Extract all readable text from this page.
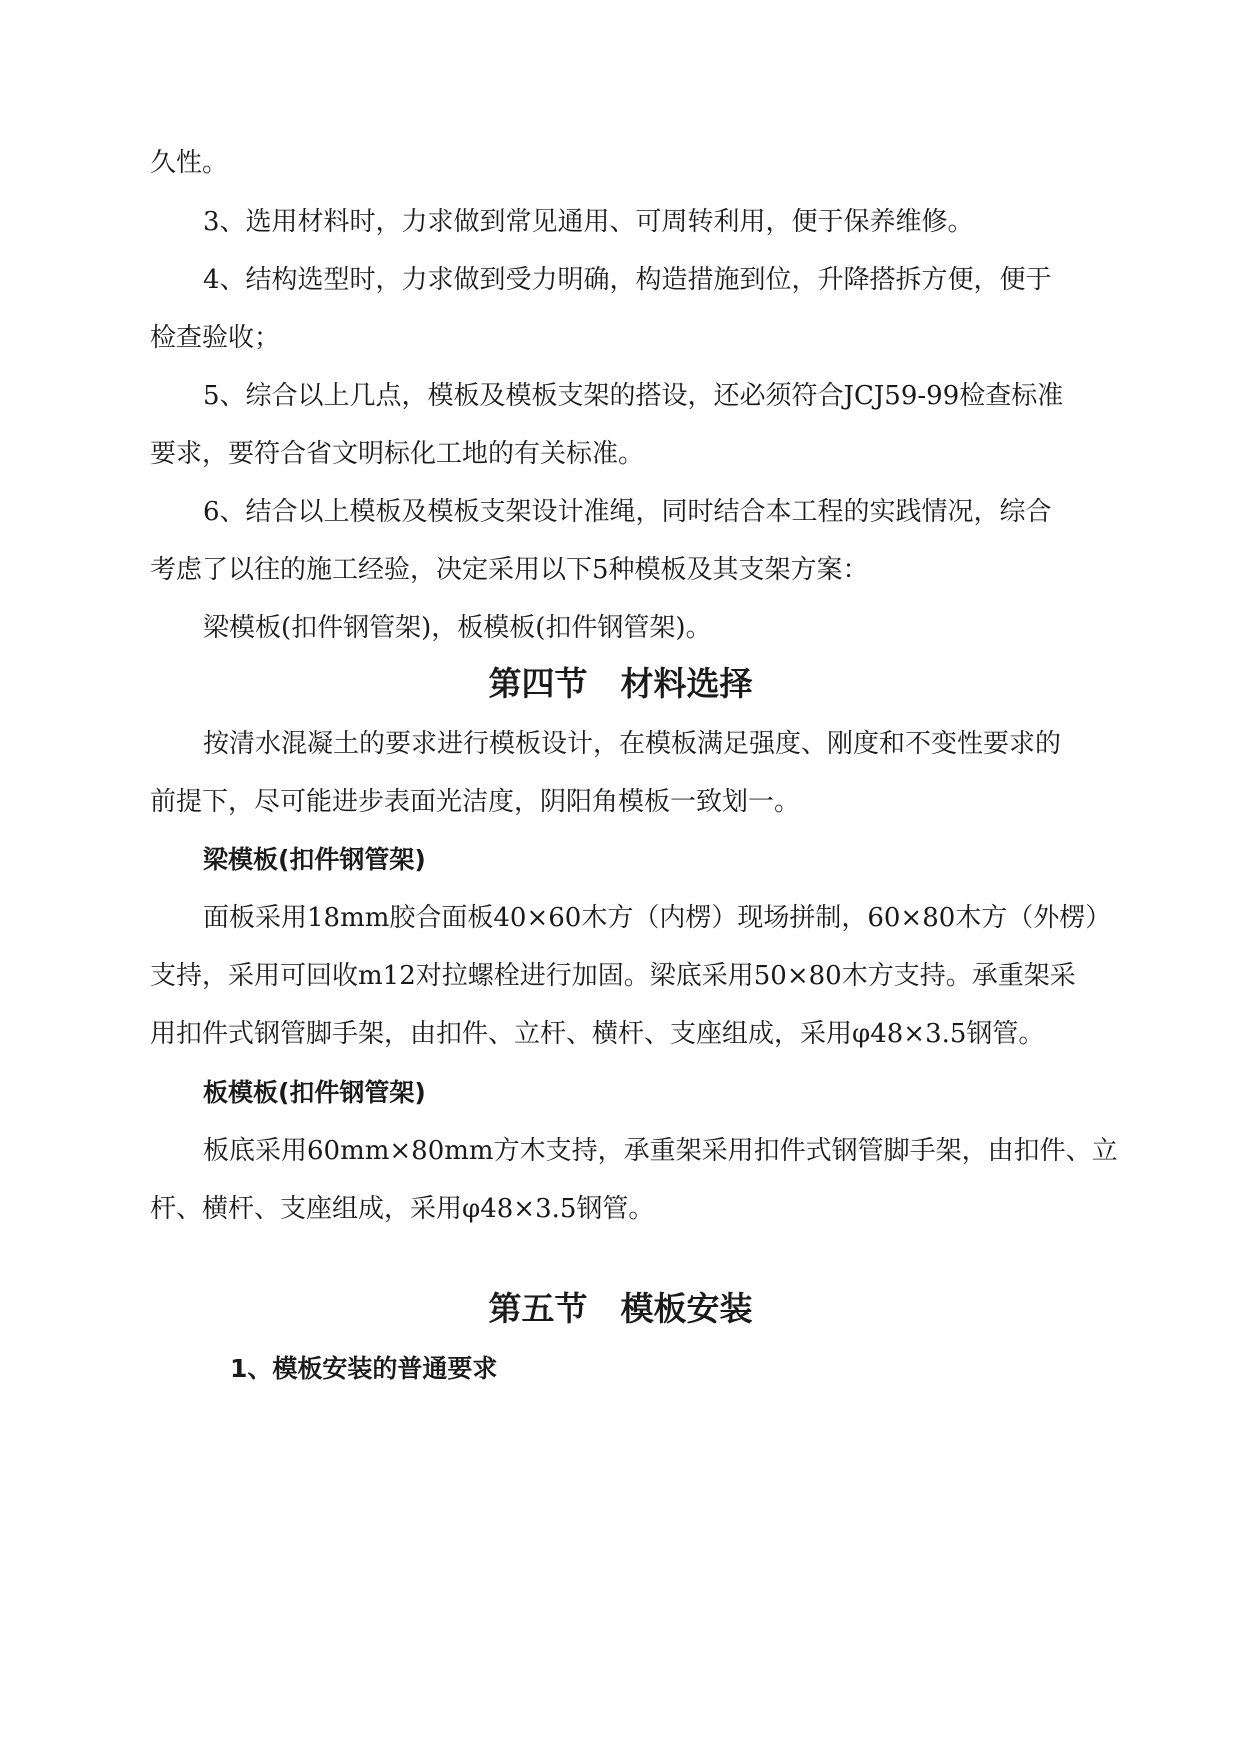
久性。

3、选用材料时，力求做到常见通用、可周转利用，便于保养维修。

4、结构选型时，力求做到受力明确，构造措施到位，升降搭拆方便，便于

检查验收；

5、综合以上几点，模板及模板支架的搭设，还必须符合JCJ59-99检查标准

要求，要符合省文明标化工地的有关标准。

6、结合以上模板及模板支架设计准绳，同时结合本工程的实践情况，综合

考虑了以往的施工经验，决定采用以下5种模板及其支架方案：

梁模板(扣件钢管架)，板模板(扣件钢管架)。

第四节　材料选择

按清水混凝土的要求进行模板设计，在模板满足强度、刚度和不变性要求的

前提下，尽可能进步表面光洁度，阴阳角模板一致划一。

梁模板(扣件钢管架)

面板采用18mm胶合面板40×60木方（内楞）现场拼制，60×80木方（外楞）

支持，采用可回收m12对拉螺栓进行加固。梁底采用50×80木方支持。承重架采

用扣件式钢管脚手架，由扣件、立杆、横杆、支座组成，采用φ48×3.5钢管。

板模板(扣件钢管架)

板底采用60mm×80mm方木支持，承重架采用扣件式钢管脚手架，由扣件、立

杆、横杆、支座组成，采用φ48×3.5钢管。

第五节　模板安装
1、模板安装的普通要求
